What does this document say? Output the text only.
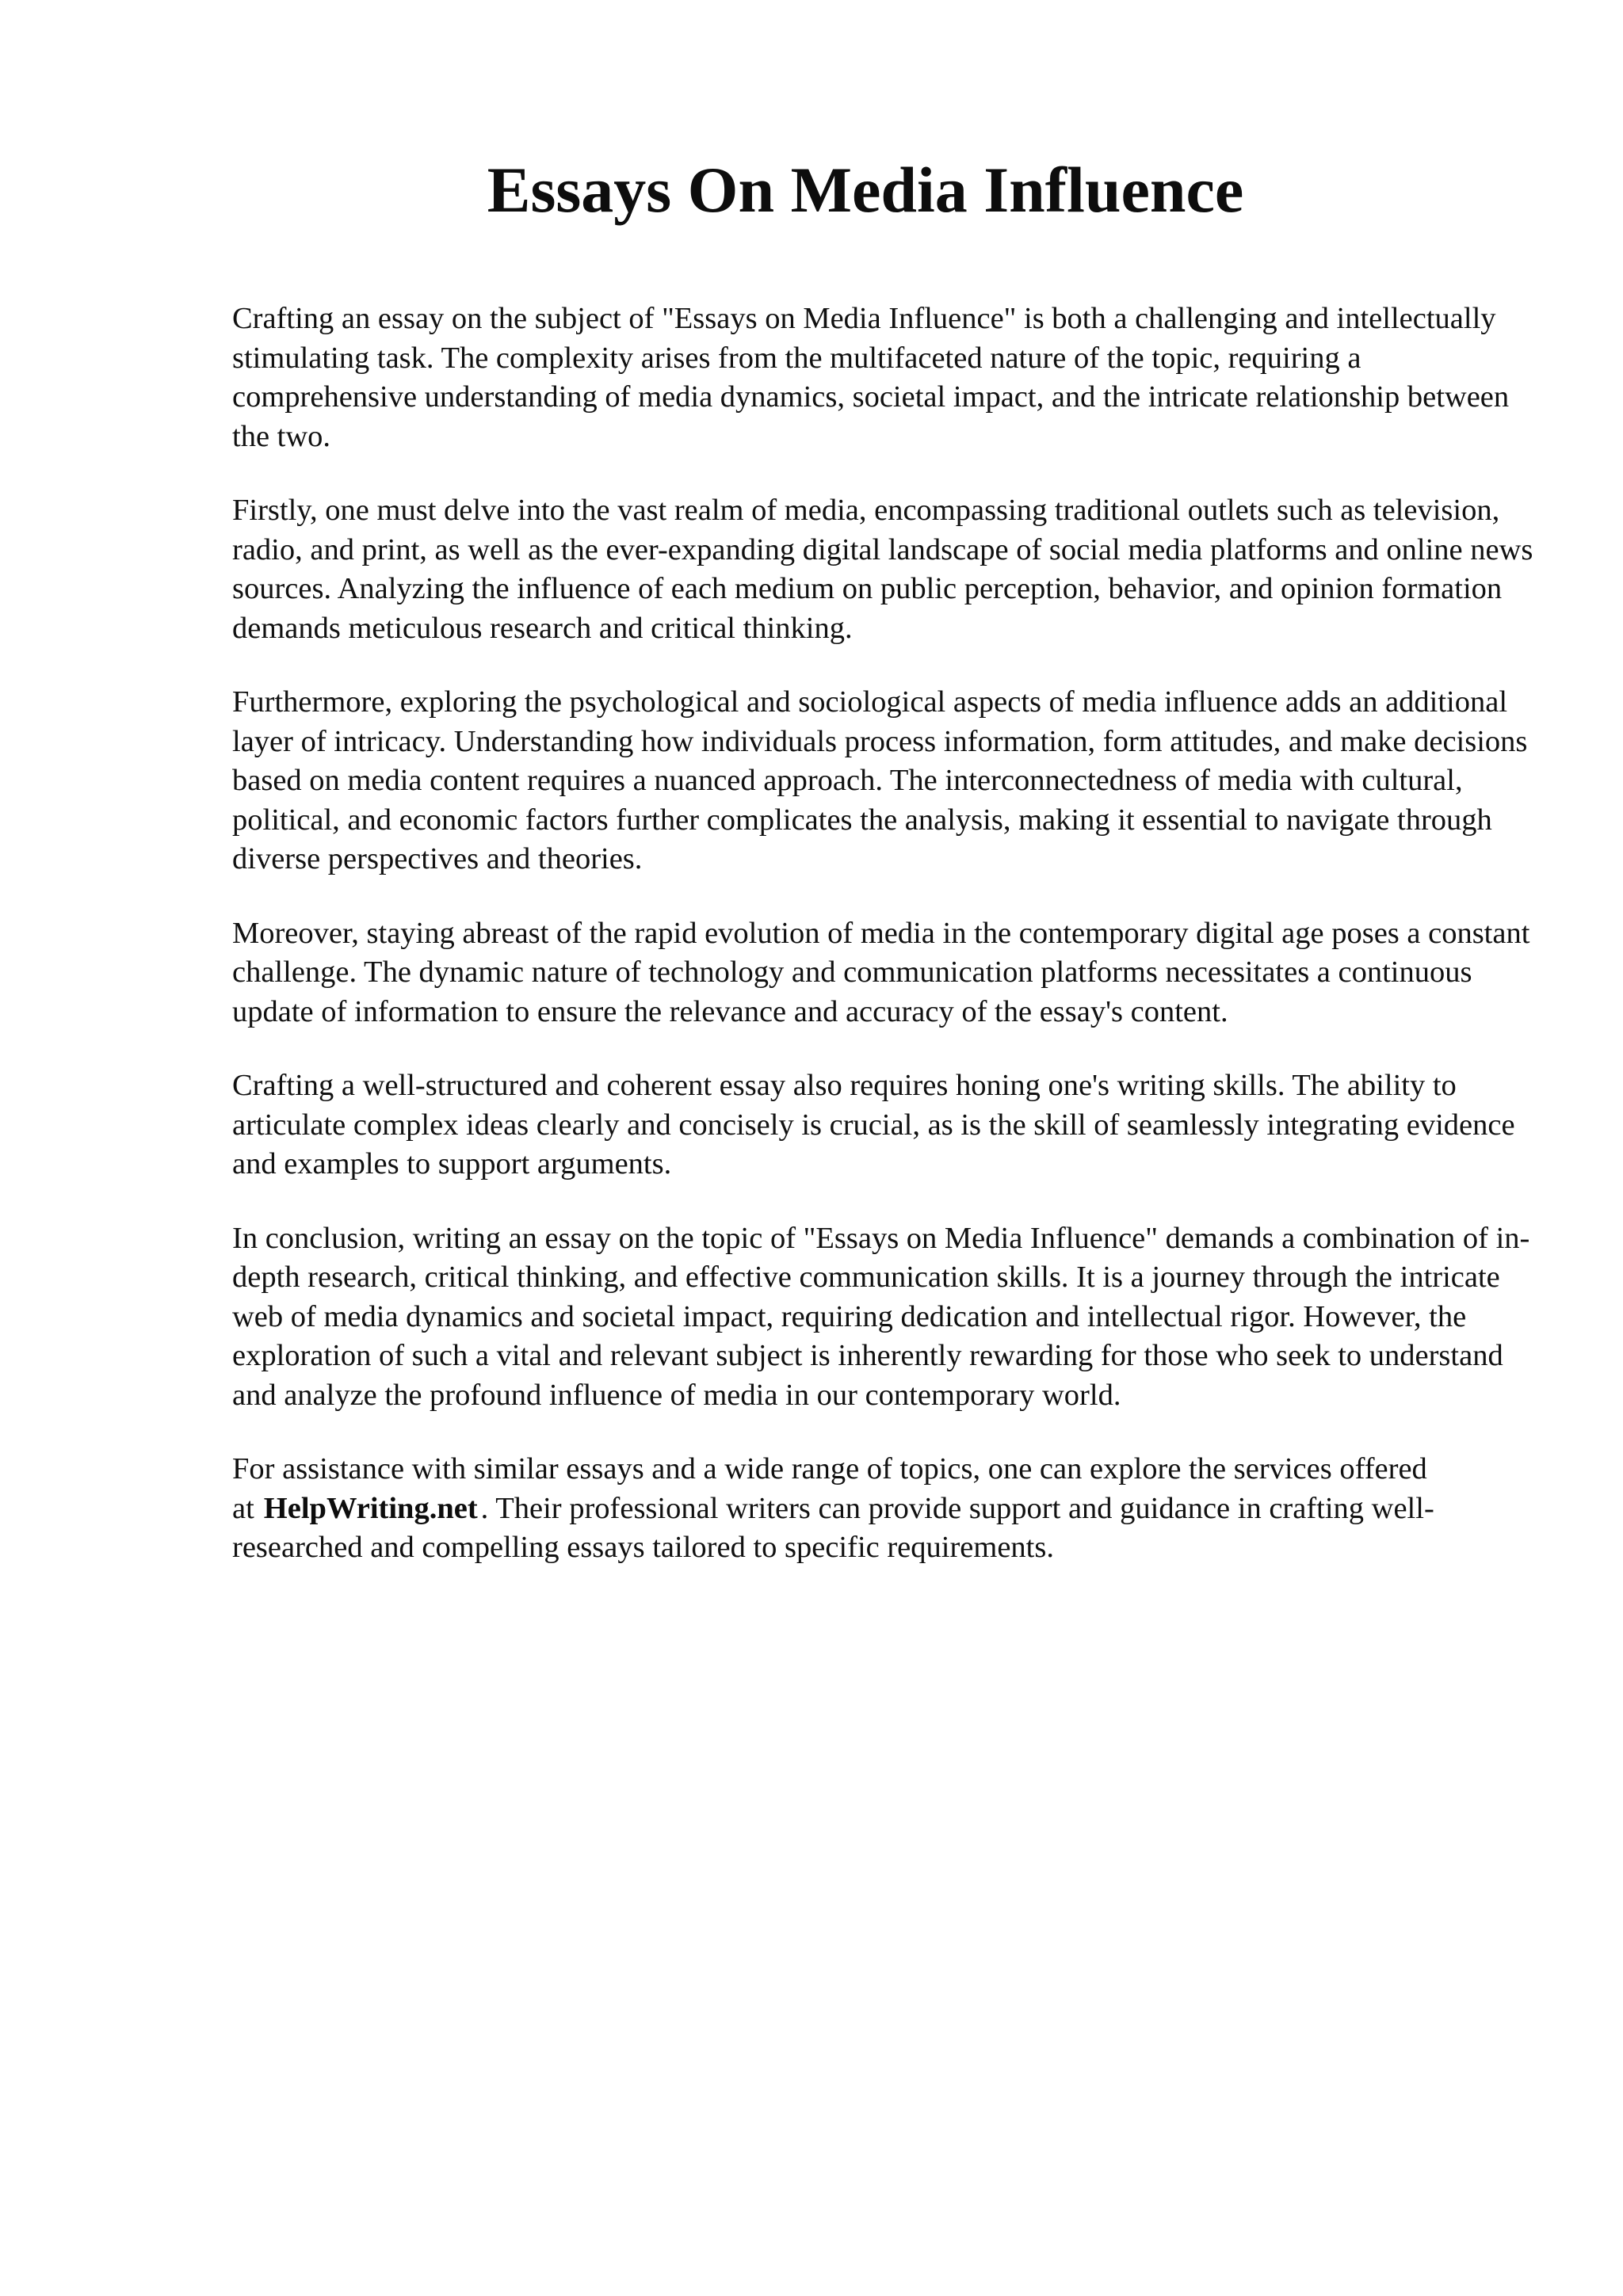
Essays On Media Influence

Crafting an essay on the subject of "Essays on Media Influence" is both a challenging and intellectually stimulating task. The complexity arises from the multifaceted nature of the topic, requiring a comprehensive understanding of media dynamics, societal impact, and the intricate relationship between the two.

Firstly, one must delve into the vast realm of media, encompassing traditional outlets such as television, radio, and print, as well as the ever-expanding digital landscape of social media platforms and online news sources. Analyzing the influence of each medium on public perception, behavior, and opinion formation demands meticulous research and critical thinking.

Furthermore, exploring the psychological and sociological aspects of media influence adds an additional layer of intricacy. Understanding how individuals process information, form attitudes, and make decisions based on media content requires a nuanced approach. The interconnectedness of media with cultural, political, and economic factors further complicates the analysis, making it essential to navigate through diverse perspectives and theories.

Moreover, staying abreast of the rapid evolution of media in the contemporary digital age poses a constant challenge. The dynamic nature of technology and communication platforms necessitates a continuous update of information to ensure the relevance and accuracy of the essay's content.

Crafting a well-structured and coherent essay also requires honing one's writing skills. The ability to articulate complex ideas clearly and concisely is crucial, as is the skill of seamlessly integrating evidence and examples to support arguments.

In conclusion, writing an essay on the topic of "Essays on Media Influence" demands a combination of in-depth research, critical thinking, and effective communication skills. It is a journey through the intricate web of media dynamics and societal impact, requiring dedication and intellectual rigor. However, the exploration of such a vital and relevant subject is inherently rewarding for those who seek to understand and analyze the profound influence of media in our contemporary world.

For assistance with similar essays and a wide range of topics, one can explore the services offered at HelpWriting.net . Their professional writers can provide support and guidance in crafting well-researched and compelling essays tailored to specific requirements.
